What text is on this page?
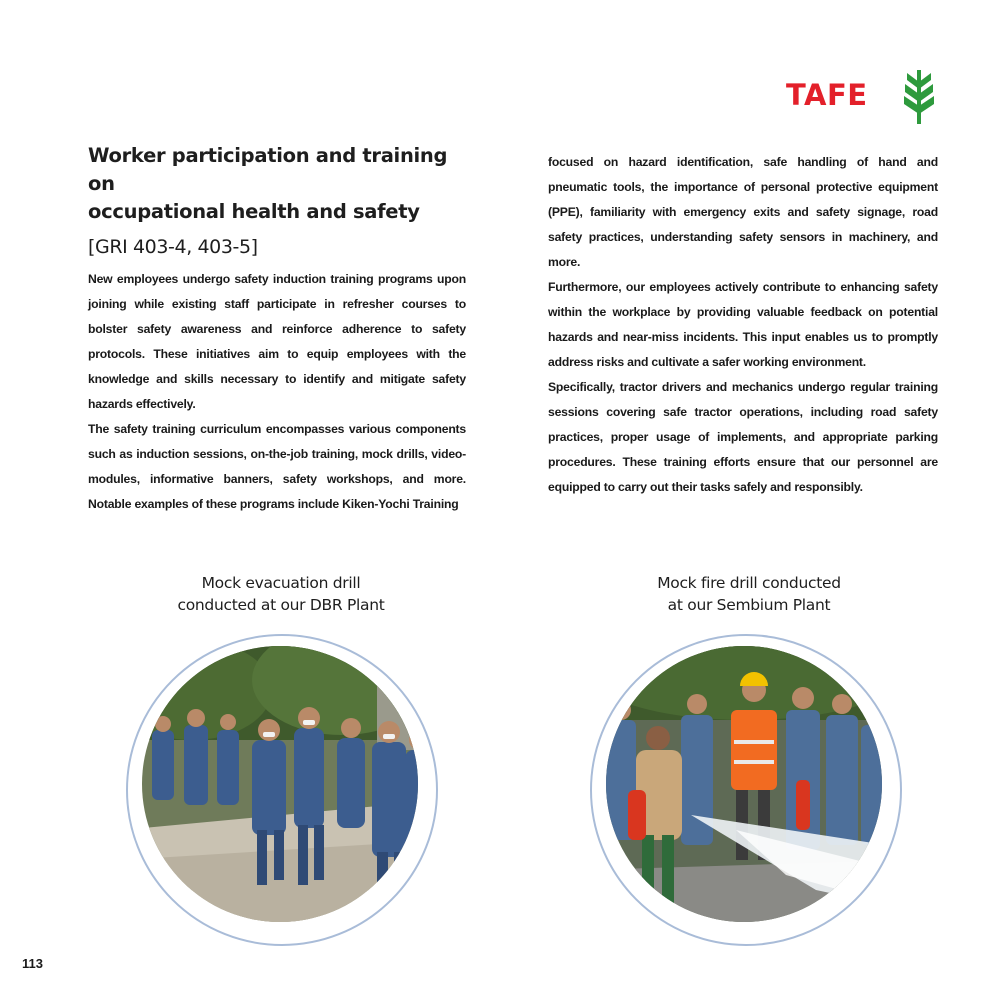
TAFE
Worker participation and training on
occupational health and safety
[GRI 403-4, 403-5]

New employees undergo safety induction training programs upon joining while existing staff participate in refresher courses to bolster safety awareness and reinforce adherence to safety protocols. These initiatives aim to equip employees with the knowledge and skills necessary to identify and mitigate safety hazards effectively.

The safety training curriculum encompasses various components such as induction sessions, on-the-job training, mock drills, video-modules, informative banners, safety workshops, and more. Notable examples of these programs include Kiken-Yochi Training

focused on hazard identification, safe handling of hand and pneumatic tools, the importance of personal protective equipment (PPE), familiarity with emergency exits and safety signage, road safety practices, understanding safety sensors in machinery, and more.

Furthermore, our employees actively contribute to enhancing safety within the workplace by providing valuable feedback on potential hazards and near-miss incidents. This input enables us to promptly address risks and cultivate a safer working environment.

Specifically, tractor drivers and mechanics undergo regular training sessions covering safe tractor operations, including road safety practices, proper usage of implements, and appropriate parking procedures. These training efforts ensure that our personnel are equipped to carry out their tasks safely and responsibly.

Mock evacuation drill
conducted at our DBR Plant
Mock fire drill conducted
at our Sembium Plant
113
